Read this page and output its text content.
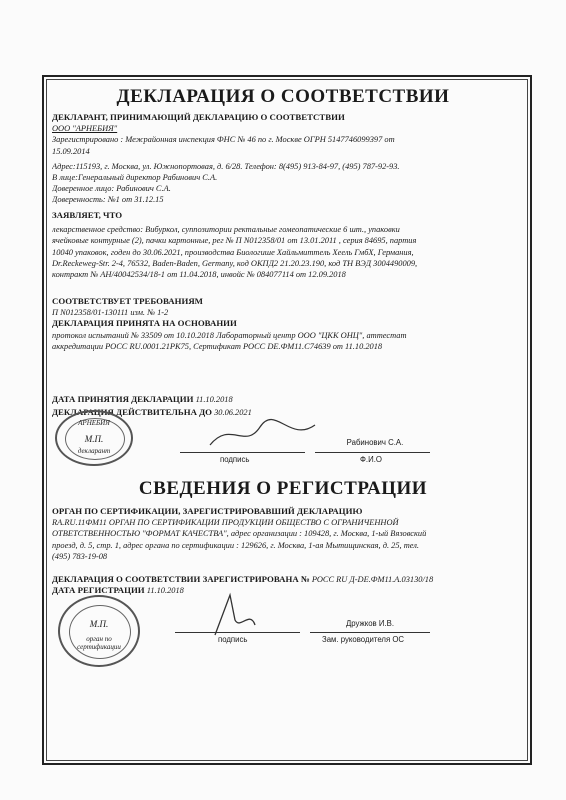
ДЕКЛАРАЦИЯ О СООТВЕТСТВИИ
ДЕКЛАРАНТ, ПРИНИМАЮЩИЙ ДЕКЛАРАЦИЮ О СООТВЕТСТВИИ
ООО "АРНЕБИЯ"
Зарегистрировано : Межрайонная инспекция ФНС № 46 по г. Москве ОГРН 5147746099397 от
15.09.2014
Адрес:115193, г. Москва, ул. Южнопортовая, д. 6/28. Телефон: 8(495) 913-84-97, (495) 787-92-93.
В лице:Генеральный директор Рабинович С.А.
Доверенное лицо: Рабинович С.А.
Доверенность: №1 от 31.12.15
ЗАЯВЛЯЕТ, ЧТО
лекарственное средство: Вибуркол, суппозитории ректальные гомеопатические 6 шт., упаковки
ячейковые контурные (2), пачки картонные, рег № П N012358/01 от 13.01.2011 , серия 84695, партия
10040 упаковок, годен до 30.06.2021, производства Биологише Хайльмиттель Хеель ГмбХ, Германия,
Dr.Reckeweg-Str. 2-4, 76532, Baden-Baden, Germany, код ОКПД2 21.20.23.190, код ТН ВЭД 3004490009,
контракт № АН/40042534/18-1 от 11.04.2018, инвойс № 084077114 от 12.09.2018
СООТВЕТСТВУЕТ ТРЕБОВАНИЯМ
П N012358/01-130111 изм. № 1-2
ДЕКЛАРАЦИЯ ПРИНЯТА НА ОСНОВАНИИ
протокол испытаний № 33509 от 10.10.2018 Лабораторный центр ООО "ЦКК ОНЦ", аттестат
аккредитации РОСС RU.0001.21РК75, Сертификат РОСС DE.ФМ11.С74639 от 11.10.2018
ДАТА ПРИНЯТИЯ ДЕКЛАРАЦИИ 11.10.2018
ДЕКЛАРАЦИЯ ДЕЙСТВИТЕЛЬНА ДО 30.06.2021
АРНЕБИЯ
М.П.
декларант
подпись
Рабинович С.А.
Ф.И.О
СВЕДЕНИЯ О РЕГИСТРАЦИИ
ОРГАН ПО СЕРТИФИКАЦИИ, ЗАРЕГИСТРИРОВАВШИЙ ДЕКЛАРАЦИЮ
RA.RU.11ФМ11 ОРГАН ПО СЕРТИФИКАЦИИ ПРОДУКЦИИ ОБЩЕСТВО С ОГРАНИЧЕННОЙ
ОТВЕТСТВЕННОСТЬЮ "ФОРМАТ КАЧЕСТВА", адрес организации : 109428, г. Москва, 1-ый Вязовский
проезд, д. 5, стр. 1, адрес органа по сертификации : 129626, г. Москва, 1-ая Мытищинская, д. 25, тел.
(495) 783-19-08
ДЕКЛАРАЦИЯ О СООТВЕТСТВИИ ЗАРЕГИСТРИРОВАНА № РОСС RU Д-DE.ФМ11.А.03130/18
ДАТА РЕГИСТРАЦИИ 11.10.2018
М.П.
орган по сертификации
подпись
Дружков И.В.
Зам. руководителя ОС
